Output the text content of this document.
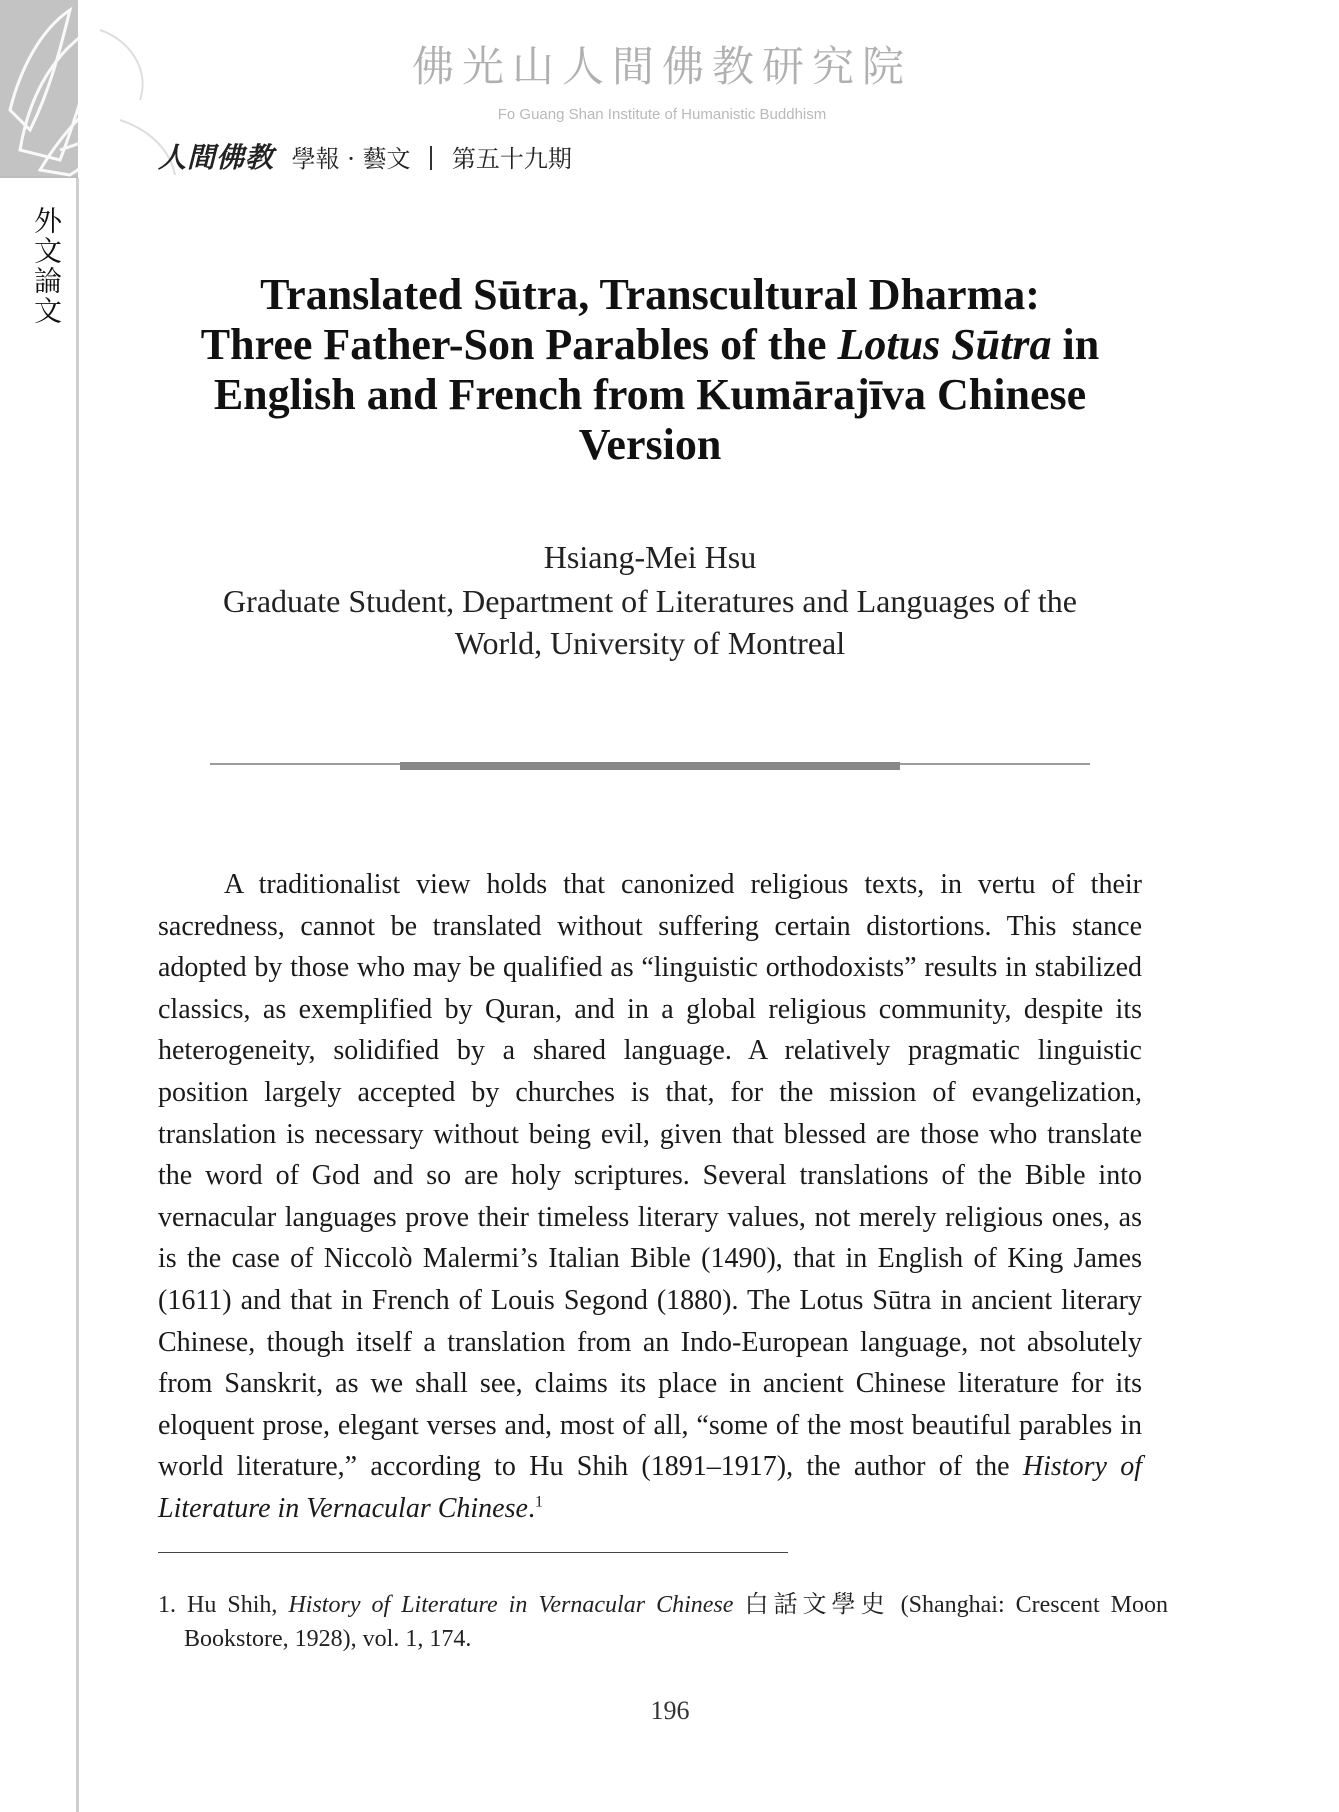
佛光山人間佛教研究院
Fo Guang Shan Institute of Humanistic Buddhism
人間佛教 學報 · 藝文 第五十九期
外文論文	Translated Sūtra, Transcultural Dharma:
Three Father-Son Parables of the Lotus Sūtra in
English and French from Kumārajīva Chinese
Version
Hsiang-Mei Hsu
Graduate Student, Department of Literatures and Languages of the
World, University of Montreal

A traditionalist view holds that canonized religious texts, in vertu of their sacredness, cannot be translated without suffering certain distortions. This stance adopted by those who may be qualified as “linguistic orthodoxists” results in stabilized classics, as exemplified by Quran, and in a global religious community, despite its heterogeneity, solidified by a shared language. A relatively pragmatic linguistic position largely accepted by churches is that, for the mission of evangelization, translation is necessary without being evil, given that blessed are those who translate the word of God and so are holy scriptures. Several translations of the Bible into vernacular languages prove their timeless literary values, not merely religious ones, as is the case of Niccolò Malermi’s Italian Bible (1490), that in English of King James (1611) and that in French of Louis Segond (1880). The Lotus Sūtra in ancient literary Chinese, though itself a translation from an Indo-European language, not absolutely from Sanskrit, as we shall see, claims its place in ancient Chinese literature for its eloquent prose, elegant verses and, most of all, “some of the most beautiful parables in world literature,” according to Hu Shih (1891–1917), the author of the History of Literature in Vernacular Chinese.$^1$

1. Hu Shih, History of Literature in Vernacular Chinese 白話文學史 (Shanghai: Crescent Moon Bookstore, 1928), vol. 1, 174.
196
